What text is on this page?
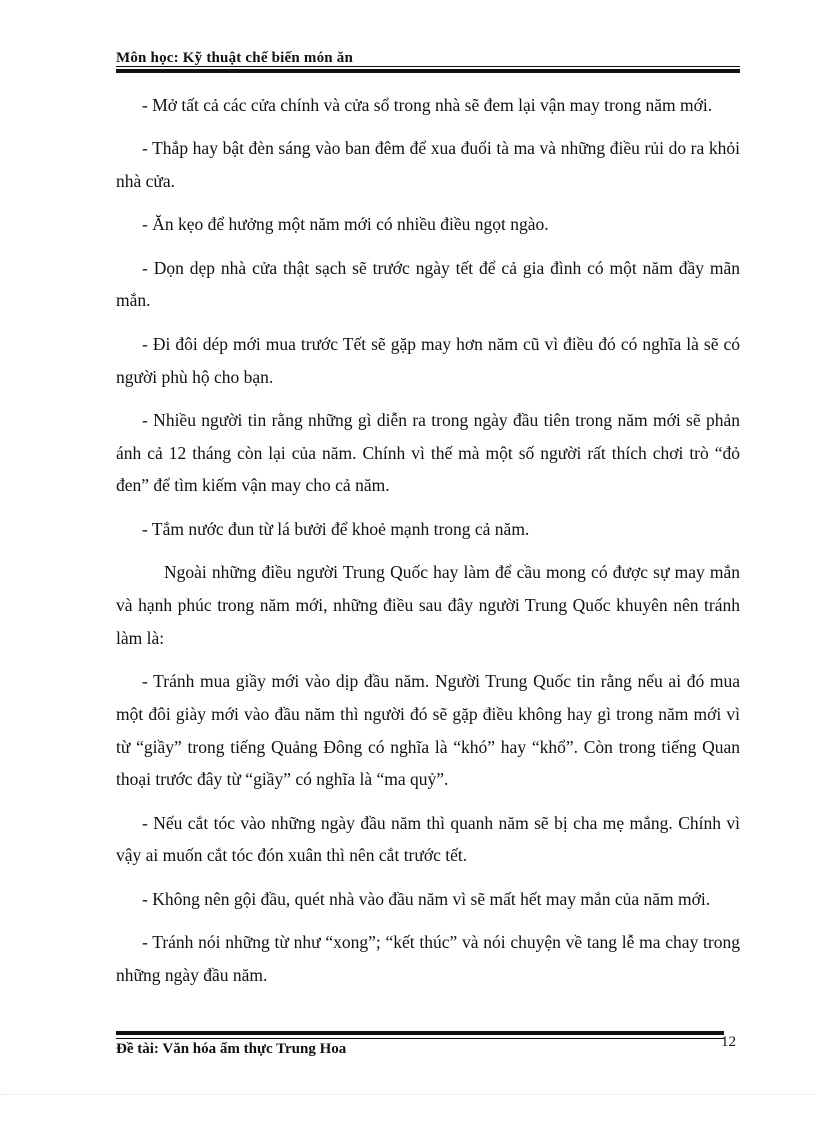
Môn học: Kỹ thuật chế biến món ăn

- Mở tất cả các cửa chính và cửa sổ trong nhà sẽ đem lại vận may trong năm mới.

- Thắp hay bật đèn sáng vào ban đêm để xua đuổi tà ma và những điều rủi do ra khỏi nhà cửa.

- Ăn kẹo để hưởng một năm mới có nhiều điều ngọt ngào.

- Dọn dẹp nhà cửa thật sạch sẽ trước ngày tết để cả gia đình có một năm đầy mãn mắn.

- Đi đôi dép mới mua trước Tết sẽ gặp may hơn năm cũ vì điều đó có nghĩa là sẽ có người phù hộ cho bạn.

- Nhiều người tin rằng những gì diễn ra trong ngày đầu tiên trong năm mới sẽ phản ánh cả 12 tháng còn lại của năm. Chính vì thế mà một số người rất thích chơi trò “đỏ đen” để tìm kiếm vận may cho cả năm.

- Tắm nước đun từ lá bưởi để khoẻ mạnh trong cả năm.

Ngoài những điều người Trung Quốc hay làm để cầu mong có được sự may mắn và hạnh phúc trong năm mới, những điều sau đây người Trung Quốc khuyên nên tránh làm là:

- Tránh mua giầy mới vào dịp đầu năm. Người Trung Quốc tin rằng nếu ai đó mua một đôi giày mới vào đầu năm thì người đó sẽ gặp điều không hay gì trong năm mới vì từ “giầy” trong tiếng Quảng Đông có nghĩa là “khó” hay “khổ”. Còn trong tiếng Quan thoại trước đây từ “giầy” có nghĩa là “ma quỷ”.

- Nếu cắt tóc vào những ngày đầu năm thì quanh năm sẽ bị cha mẹ mắng. Chính vì vậy ai muốn cắt tóc đón xuân thì nên cắt trước tết.

- Không nên gội đầu, quét nhà vào đầu năm vì sẽ mất hết may mắn của năm mới.

- Tránh nói những từ như “xong”; “kết thúc” và nói chuyện về tang lễ ma chay trong những ngày đầu năm.

Đề tài: Văn hóa ẩm thực Trung Hoa	12
